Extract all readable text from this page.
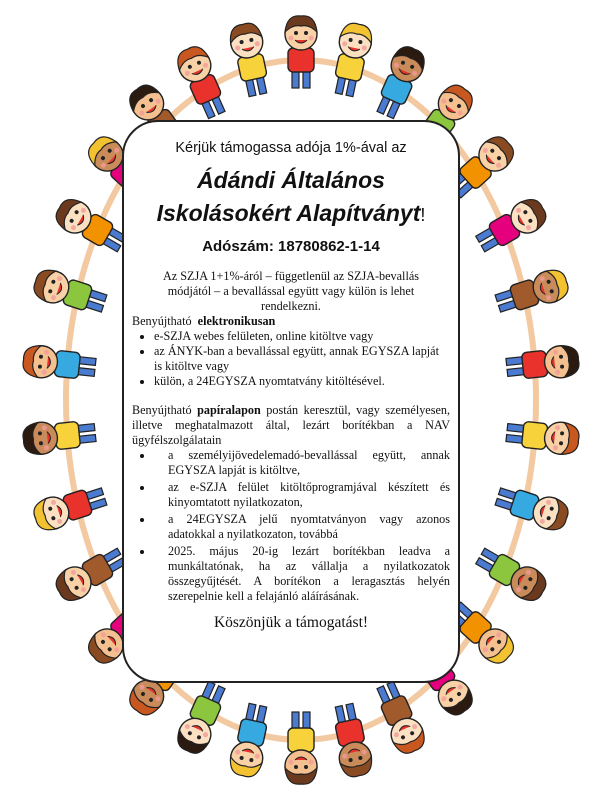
Kérjük támogassa adója 1%-ával az
Ádándi Általános
Iskolásokért Alapítványt!
Adószám: 18780862-1-14

Az SZJA 1+1%-áról – függetlenül az SZJA-bevallás módjától – a bevallással együtt vagy külön is lehet rendelkezni.

Benyújtható elektronikusan

• e-SZJA webes felületen, online kitöltve vagy
• az ÁNYK-ban a bevallással együtt, annak EGYSZA lapját is kitöltve vagy
• külön, a 24EGYSZA nyomtatvány kitöltésével.

Benyújtható papíralapon postán keresztül, vagy személyesen, illetve meghatalmazott által, lezárt borítékban a NAV ügyfélszolgálatain

• a személyijövedelemadó-bevallással együtt, annak EGYSZA lapját is kitöltve,
• az e-SZJA felület kitöltőprogramjával készített és kinyomtatott nyilatkozaton,
• a 24EGYSZA jelű nyomtatványon vagy azonos adatokkal a nyilatkozaton, továbbá
• 2025. május 20-ig lezárt borítékban leadva a munkáltatónak, ha az vállalja a nyilatkozatok összegyűjtését. A borítékon a leragasztás helyén szerepelnie kell a felajánló aláírásának.
Köszönjük a támogatást!
